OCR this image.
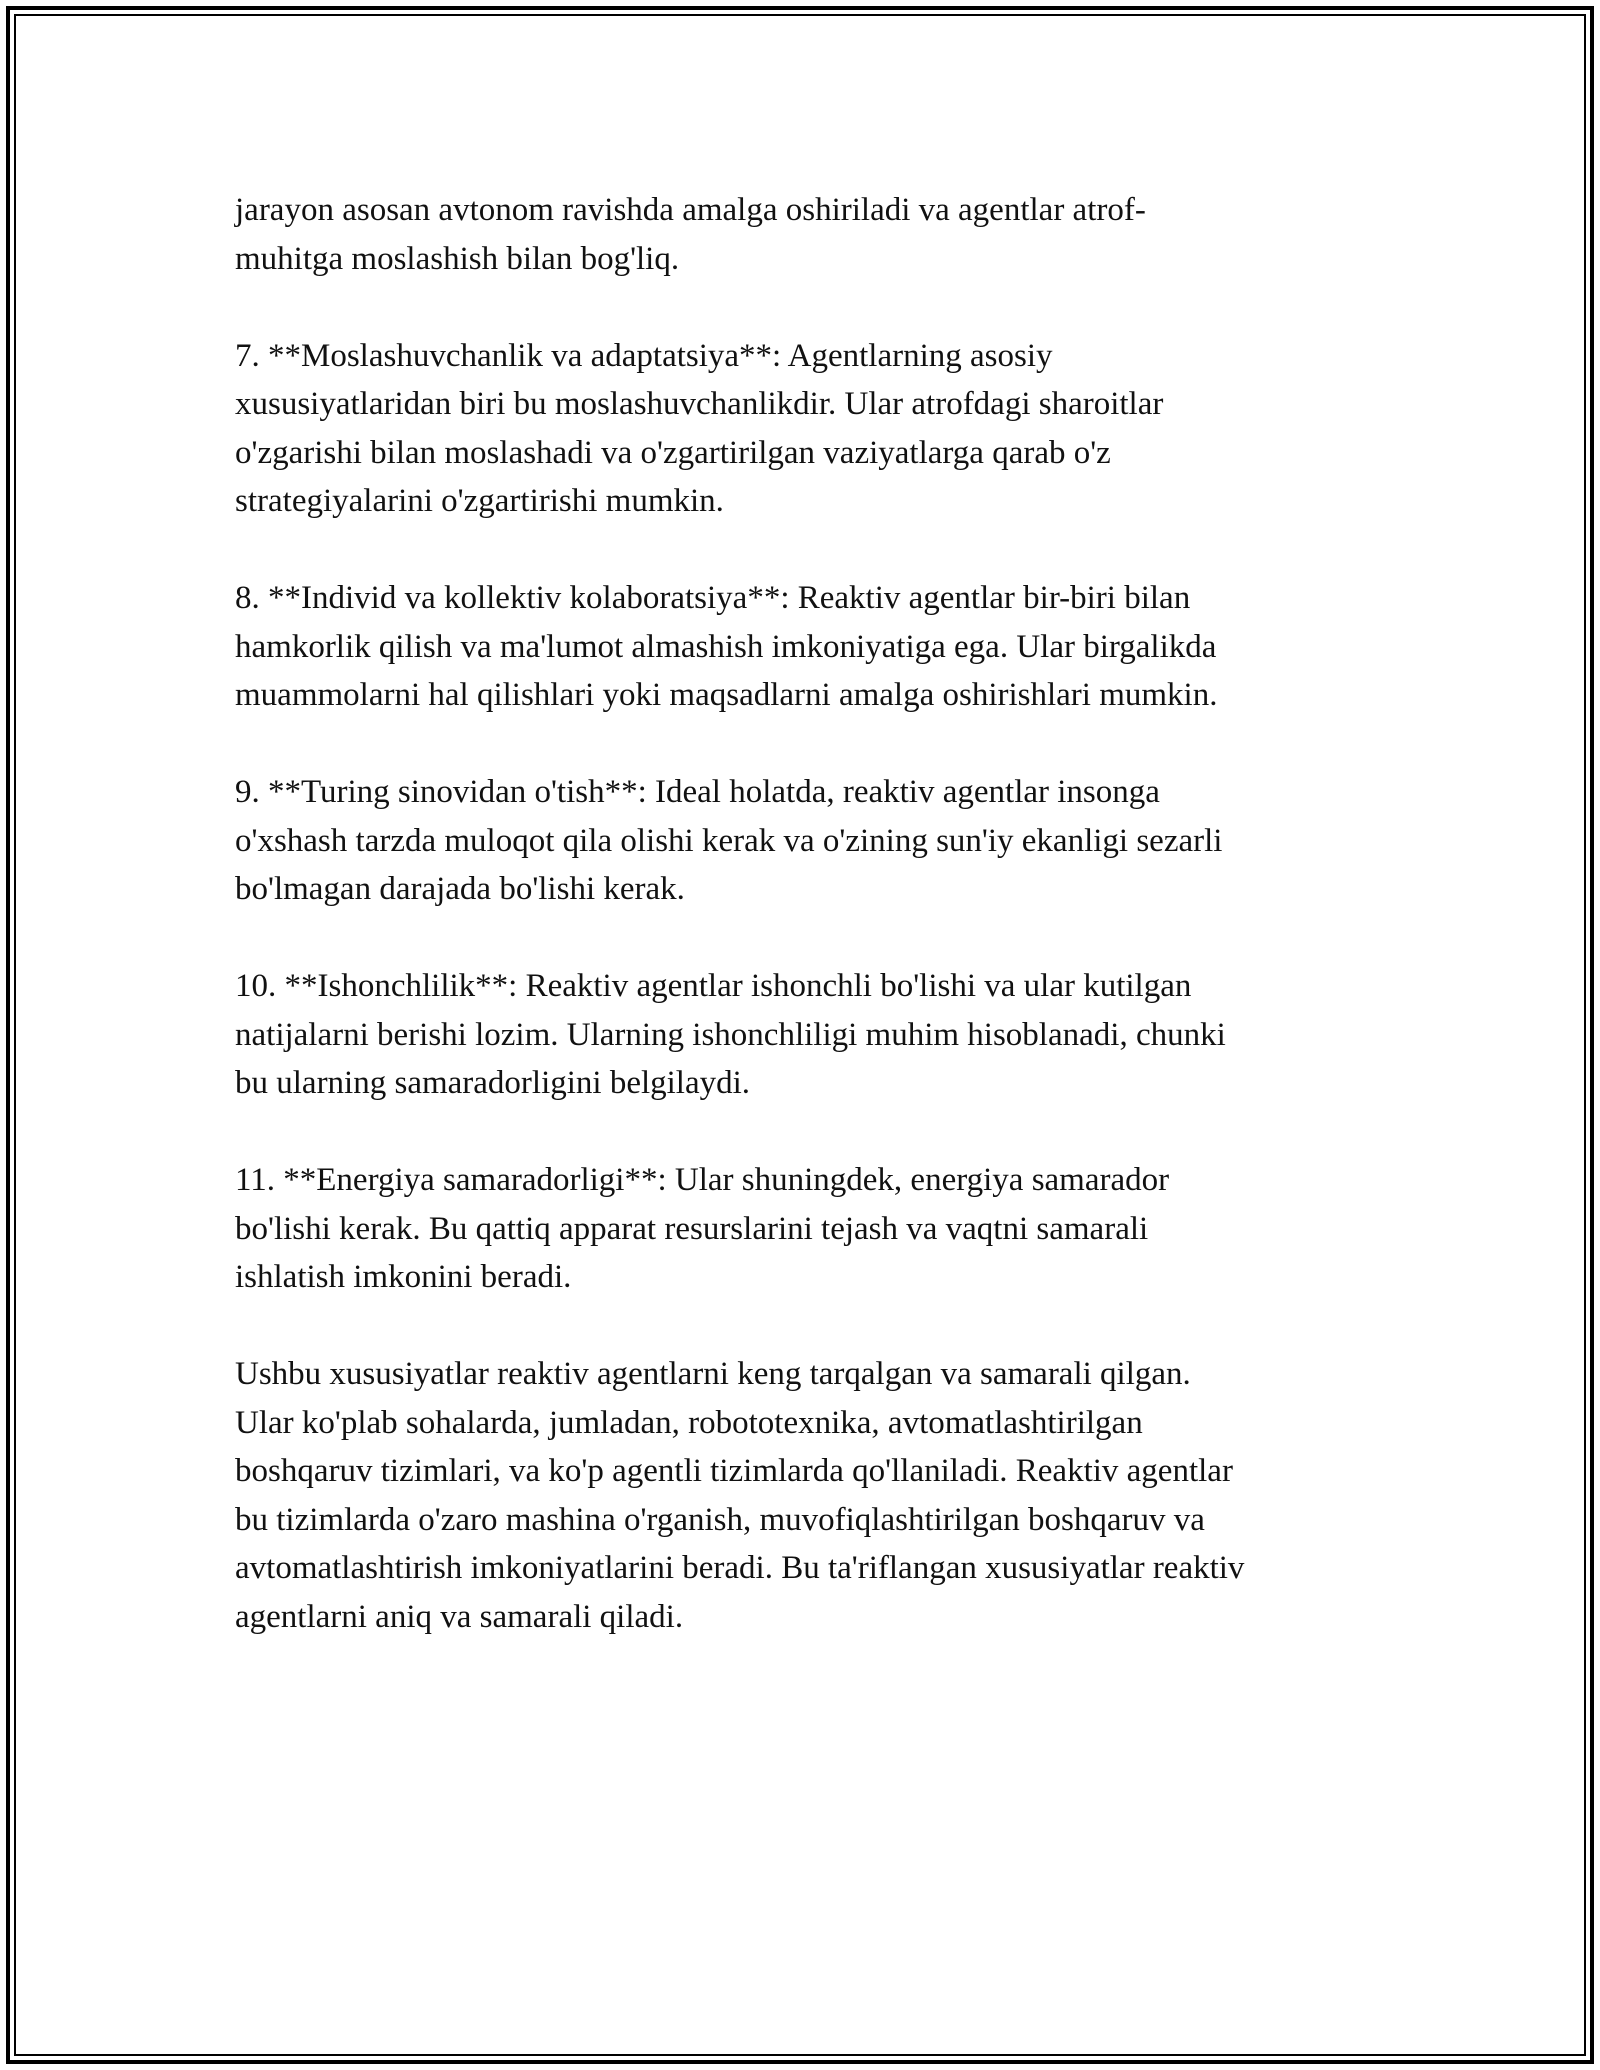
jarayon asosan avtonom ravishda amalga oshiriladi va agentlar atrof-
muhitga moslashish bilan bog'liq.

7. **Moslashuvchanlik va adaptatsiya**: Agentlarning asosiy
xususiyatlaridan biri bu moslashuvchanlikdir. Ular atrofdagi sharoitlar
o'zgarishi bilan moslashadi va o'zgartirilgan vaziyatlarga qarab o'z
strategiyalarini o'zgartirishi mumkin.

8. **Individ va kollektiv kolaboratsiya**: Reaktiv agentlar bir-biri bilan
hamkorlik qilish va ma'lumot almashish imkoniyatiga ega. Ular birgalikda
muammolarni hal qilishlari yoki maqsadlarni amalga oshirishlari mumkin.

9. **Turing sinovidan o'tish**: Ideal holatda, reaktiv agentlar insonga
o'xshash tarzda muloqot qila olishi kerak va o'zining sun'iy ekanligi sezarli
bo'lmagan darajada bo'lishi kerak.

10. **Ishonchlilik**: Reaktiv agentlar ishonchli bo'lishi va ular kutilgan
natijalarni berishi lozim. Ularning ishonchliligi muhim hisoblanadi, chunki
bu ularning samaradorligini belgilaydi.

11. **Energiya samaradorligi**: Ular shuningdek, energiya samarador
bo'lishi kerak. Bu qattiq apparat resurslarini tejash va vaqtni samarali
ishlatish imkonini beradi.

Ushbu xususiyatlar reaktiv agentlarni keng tarqalgan va samarali qilgan.
Ular ko'plab sohalarda, jumladan, robototexnika, avtomatlashtirilgan
boshqaruv tizimlari, va ko'p agentli tizimlarda qo'llaniladi. Reaktiv agentlar
bu tizimlarda o'zaro mashina o'rganish, muvofiqlashtirilgan boshqaruv va
avtomatlashtirish imkoniyatlarini beradi. Bu ta'riflangan xususiyatlar reaktiv
agentlarni aniq va samarali qiladi.
